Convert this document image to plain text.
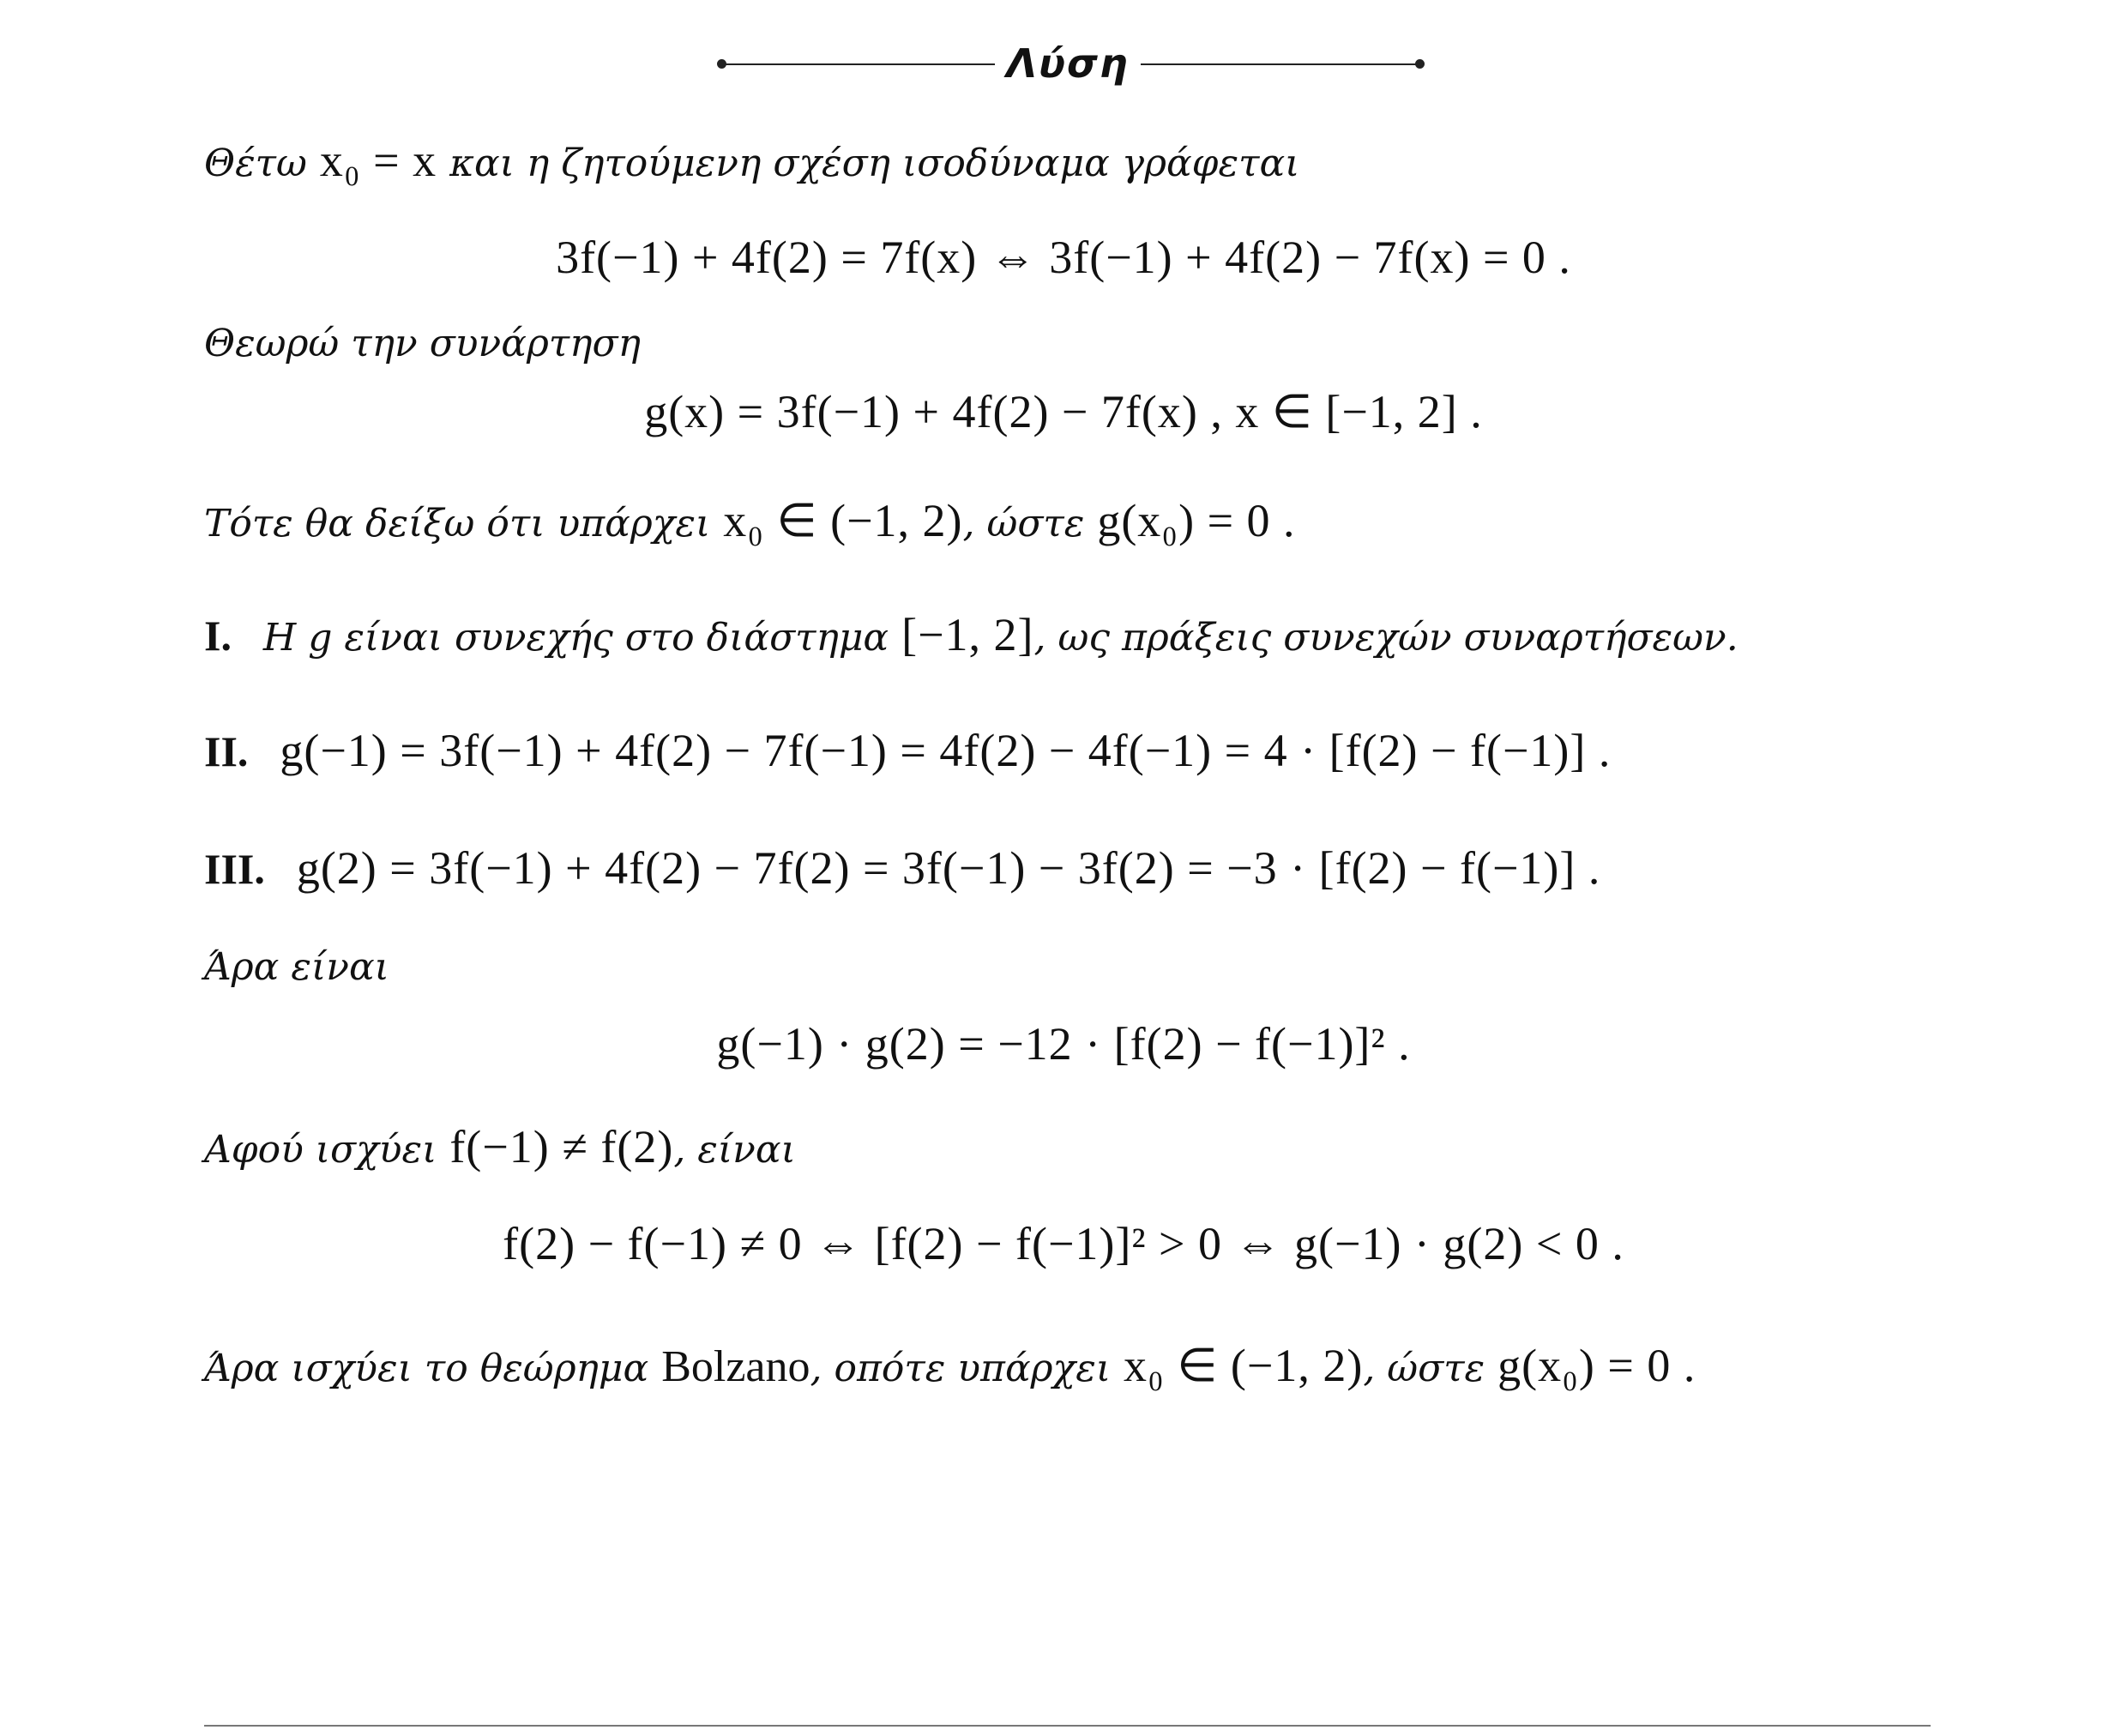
Λύση
Θέτω x₀ = x και η ζητούμενη σχέση ισοδύναμα γράφεται
3f(−1) + 4f(2) = 7f(x) ⇔ 3f(−1) + 4f(2) − 7f(x) = 0 .
Θεωρώ την συνάρτηση
g(x) = 3f(−1) + 4f(2) − 7f(x) , x ∈ [−1, 2] .
Τότε θα δείξω ότι υπάρχει x₀ ∈ (−1, 2), ώστε g(x₀) = 0 .
I. Η g είναι συνεχής στο διάστημα [−1, 2], ως πράξεις συνεχών συναρτήσεων.
II. g(−1) = 3f(−1) + 4f(2) − 7f(−1) = 4f(2) − 4f(−1) = 4 · [f(2) − f(−1)] .
III. g(2) = 3f(−1) + 4f(2) − 7f(2) = 3f(−1) − 3f(2) = −3 · [f(2) − f(−1)] .
Άρα είναι
g(−1) · g(2) = −12 · [f(2) − f(−1)]² .
Αφού ισχύει f(−1) ≠ f(2), είναι
f(2) − f(−1) ≠ 0 ⇔ [f(2) − f(−1)]² > 0 ⇔ g(−1) · g(2) < 0 .
Άρα ισχύει το θεώρημα Bolzano, οπότε υπάρχει x₀ ∈ (−1, 2), ώστε g(x₀) = 0 .
